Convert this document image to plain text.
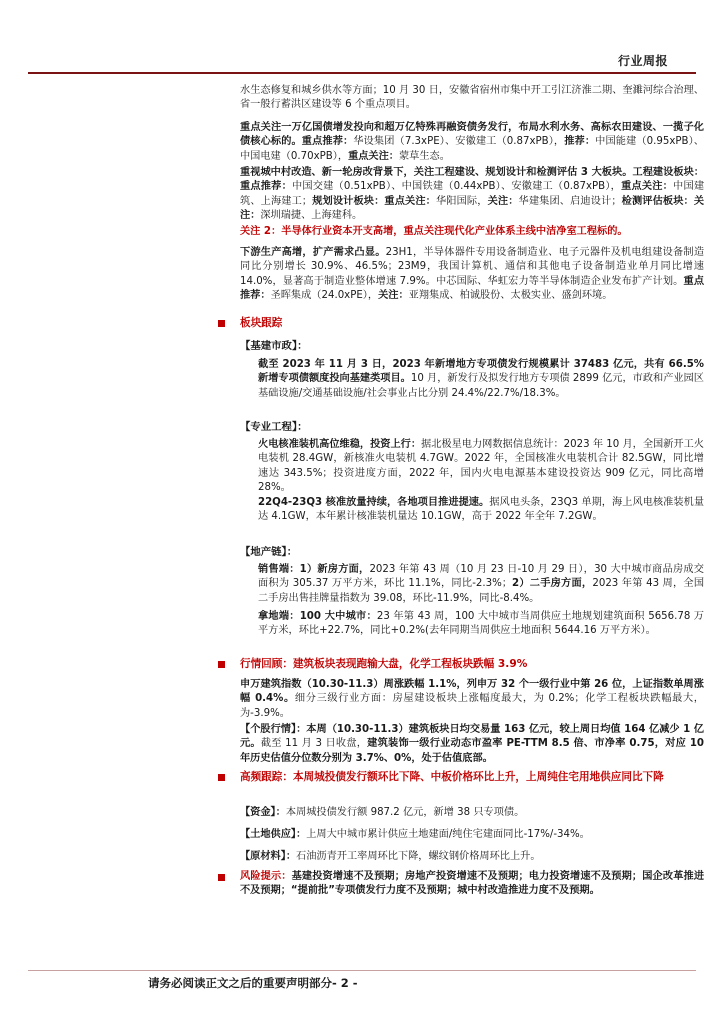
行业周报

水生态修复和城乡供水等方面；10 月 30 日，安徽省宿州市集中开工引江济淮二期、奎濉河综合治理、省一般行蓄洪区建设等 6 个重点项目。

重点关注一万亿国债增发投向和超万亿特殊再融资债务发行，布局水利水务、高标农田建设、一揽子化债核心标的。重点推荐：华设集团（7.3xPE）、安徽建工（0.87xPB），推荐：中国能建（0.95xPB）、中国电建（0.70xPB），重点关注：蒙草生态。

重视城中村改造、新一轮房改背景下，关注工程建设、规划设计和检测评估 3 大板块。工程建设板块：重点推荐：中国交建（0.51xPB）、中国铁建（0.44xPB）、安徽建工（0.87xPB），重点关注：中国建筑、上海建工；规划设计板块：重点关注：华阳国际，关注：华建集团、启迪设计；检测评估板块：关注：深圳瑞捷、上海建科。

关注 2：半导体行业资本开支高增，重点关注现代化产业体系主线中洁净室工程标的。

下游生产高增，扩产需求凸显。23H1，半导体器件专用设备制造业、电子元器件及机电组建设备制造同比分别增长 30.9%、46.5%；23M9，我国计算机、通信和其他电子设备制造业单月同比增速 14.0%，显著高于制造业整体增速 7.9%。中芯国际、华虹宏力等半导体制造企业发布扩产计划。重点推荐：圣晖集成（24.0xPE），关注：亚翔集成、柏诚股份、太极实业、盛剑环境。

板块跟踪
【基建市政】：

截至 2023 年 11 月 3 日，2023 年新增地方专项债发行规模累计 37483 亿元，共有 66.5%新增专项债额度投向基建类项目。10 月，新发行及拟发行地方专项债 2899 亿元，市政和产业园区基础设施/交通基础设施/社会事业占比分别 24.4%/22.7%/18.3%。

【专业工程】：

火电核准装机高位维稳，投资上行：据北极星电力网数据信息统计：2023 年 10 月，全国新开工火电装机 28.4GW，新核准火电装机 4.7GW。2022 年，全国核准火电装机合计 82.5GW，同比增速达 343.5%；投资进度方面，2022 年，国内火电电源基本建设投资达 909 亿元，同比高增 28%。

22Q4-23Q3 核准放量持续，各地项目推进提速。据风电头条，23Q3 单期，海上风电核准装机量达 4.1GW，本年累计核准装机量达 10.1GW，高于 2022 年全年 7.2GW。

【地产链】：

销售端：1）新房方面，2023 年第 43 周（10 月 23 日-10 月 29 日），30 大中城市商品房成交面积为 305.37 万平方米，环比 11.1%，同比-2.3%；2）二手房方面，2023 年第 43 周，全国二手房出售挂牌量指数为 39.08，环比-11.9%，同比-8.4%。

拿地端：100 大中城市：23 年第 43 周，100 大中城市当周供应土地规划建筑面积 5656.78 万平方米，环比+22.7%，同比+0.2%(去年同期当周供应土地面积 5644.16 万平方米）。

行情回顾：建筑板块表现跑输大盘，化学工程板块跌幅 3.9%

申万建筑指数（10.30-11.3）周涨跌幅 1.1%，列申万 32 个一级行业中第 26 位，上证指数单周涨幅 0.4%。细分三级行业方面：房屋建设板块上涨幅度最大，为 0.2%；化学工程板块跌幅最大，为-3.9%。

【个股行情】：本周（10.30-11.3）建筑板块日均交易量 163 亿元，较上周日均值 164 亿减少 1 亿元。截至 11 月 3 日收盘，建筑装饰一级行业动态市盈率 PE-TTM 8.5 倍、市净率 0.75，对应 10 年历史估值分位数分别为 3.7%、0%，处于估值底部。

高频跟踪：本周城投债发行额环比下降、中板价格环比上升，上周纯住宅用地供应同比下降

【资金】：本周城投债发行额 987.2 亿元，新增 38 只专项债。

【土地供应】：上周大中城市累计供应土地建面/纯住宅建面同比-17%/-34%。

【原材料】：石油沥青开工率周环比下降，螺纹钢价格周环比上升。

风险提示：基建投资增速不及预期；房地产投资增速不及预期；电力投资增速不及预期；国企改革推进不及预期；“提前批”专项债发行力度不及预期；城中村改造推进力度不及预期。

请务必阅读正文之后的重要声明部分- 2 -
